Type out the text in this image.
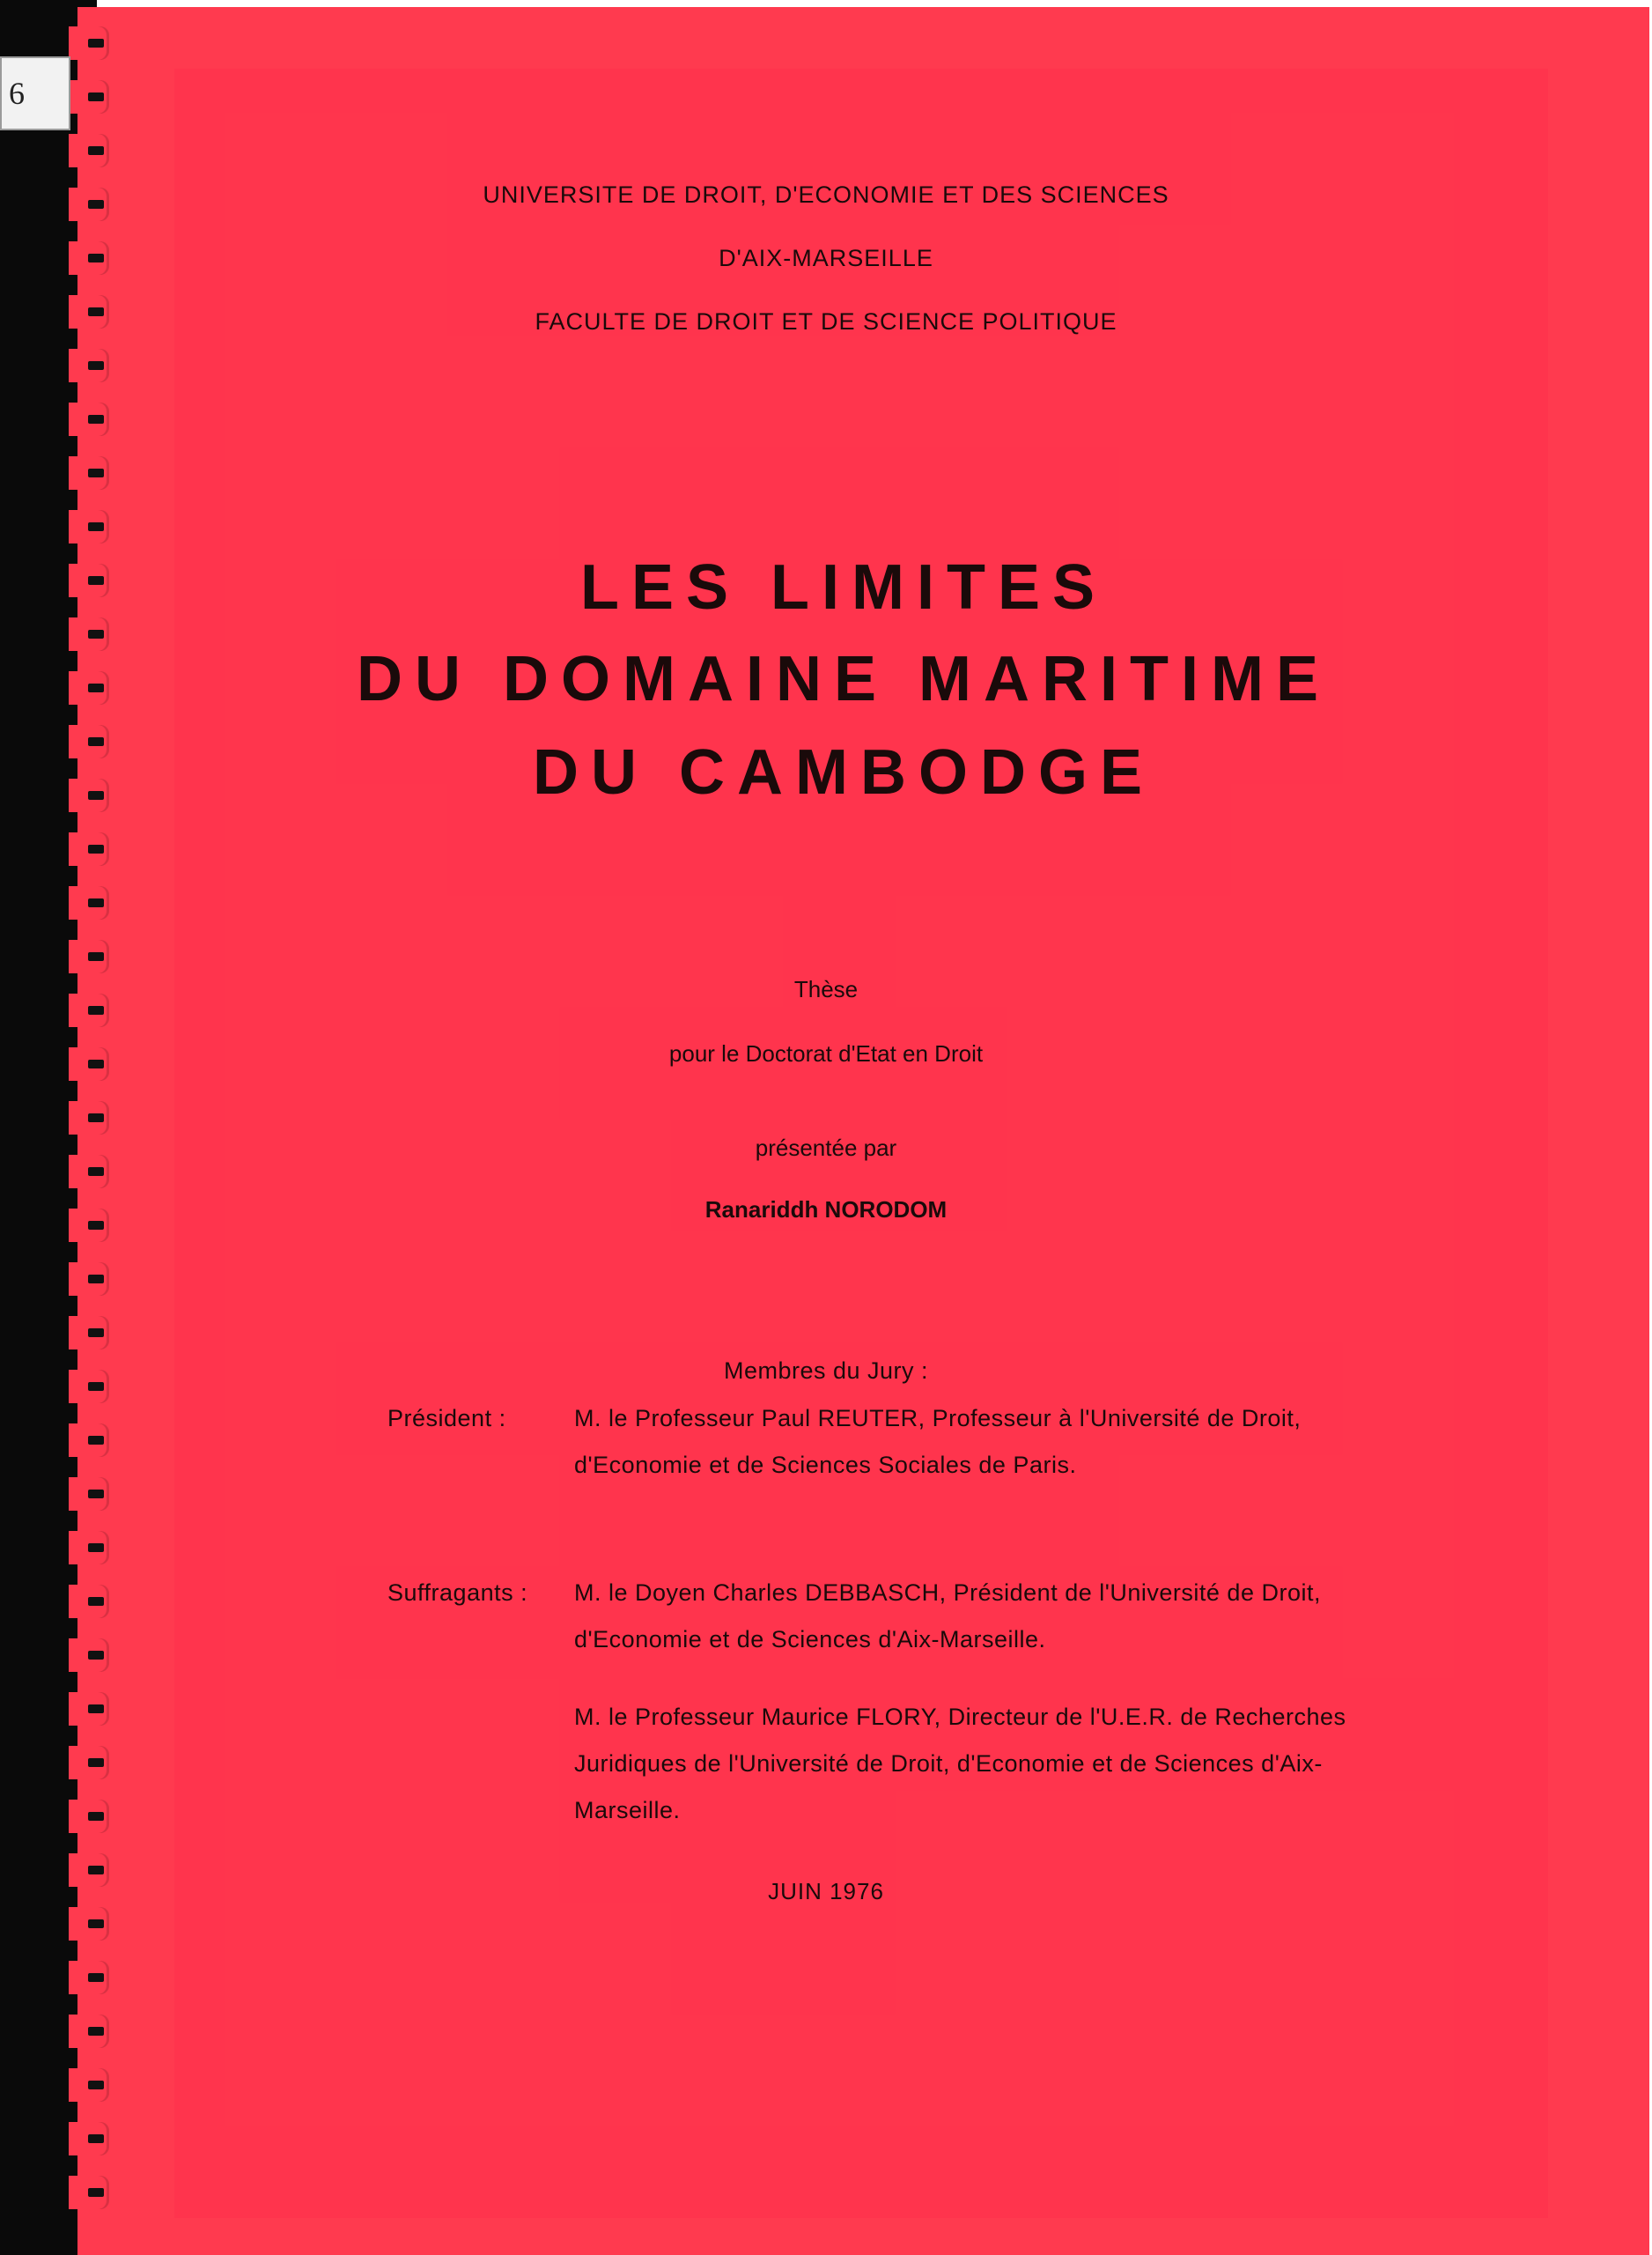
6
UNIVERSITE DE DROIT, D'ECONOMIE ET DES SCIENCES
D'AIX-MARSEILLE
FACULTE DE DROIT ET DE SCIENCE POLITIQUE
LES LIMITES
DU DOMAINE MARITIME
DU CAMBODGE
Thèse
pour le Doctorat d'Etat en Droit
présentée par
Ranariddh NORODOM
Membres du Jury :
Président :	M. le Professeur Paul REUTER, Professeur à l'Université de Droit,
d'Economie et de Sciences Sociales de Paris.
Suffragants : M. le Doyen Charles DEBBASCH, Président de l'Université de Droit,
d'Economie et de Sciences d'Aix-Marseille.
M. le Professeur Maurice FLORY, Directeur de l'U.E.R. de Recherches
Juridiques de l'Université de Droit, d'Economie et de Sciences d'Aix-
Marseille.
JUIN 1976
